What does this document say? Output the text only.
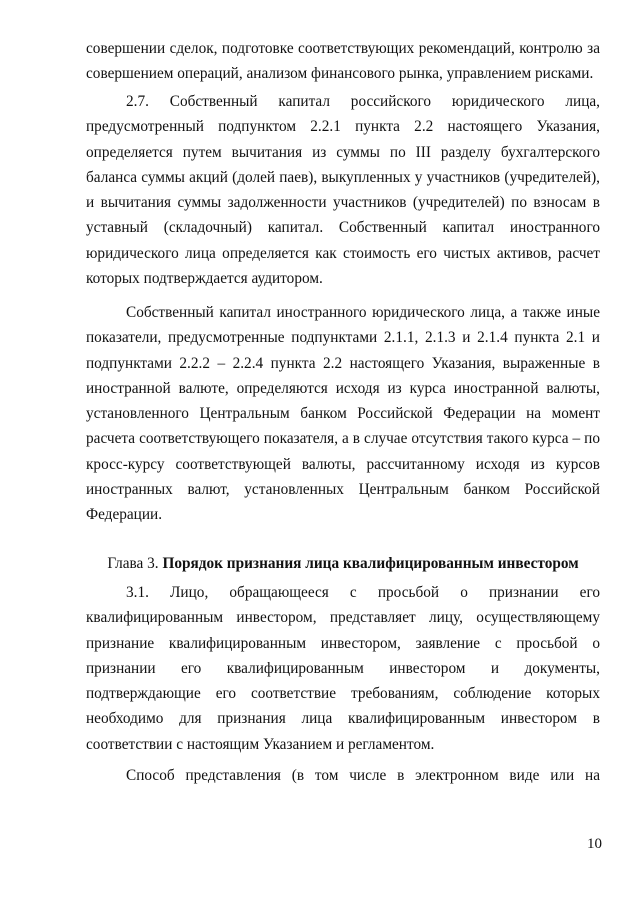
совершении сделок, подготовке соответствующих рекомендаций, контролю за
совершением операций, анализом финансового рынка, управлением рисками.
2.7. Собственный капитал российского юридического лица,
предусмотренный подпунктом 2.2.1 пункта 2.2 настоящего Указания,
определяется путем вычитания из суммы по III разделу бухгалтерского
баланса суммы акций (долей паев), выкупленных у участников (учредителей),
и вычитания суммы задолженности участников (учредителей) по взносам в
уставный (складочный) капитал. Собственный капитал иностранного
юридического лица определяется как стоимость его чистых активов, расчет
которых подтверждается аудитором.
Собственный капитал иностранного юридического лица, а также иные
показатели, предусмотренные подпунктами 2.1.1, 2.1.3 и 2.1.4 пункта 2.1 и
подпунктами 2.2.2 – 2.2.4 пункта 2.2 настоящего Указания, выраженные в
иностранной валюте, определяются исходя из курса иностранной валюты,
установленного Центральным банком Российской Федерации на момент
расчета соответствующего показателя, а в случае отсутствия такого курса – по
кросс-курсу соответствующей валюты, рассчитанному исходя из курсов
иностранных валют, установленных Центральным банком Российской
Федерации.
Глава 3. Порядок признания лица квалифицированным инвестором
3.1. Лицо, обращающееся с просьбой о признании его
квалифицированным инвестором, представляет лицу, осуществляющему
признание квалифицированным инвестором, заявление с просьбой о
признании его квалифицированным инвестором и документы,
подтверждающие его соответствие требованиям, соблюдение которых
необходимо для признания лица квалифицированным инвестором в
соответствии с настоящим Указанием и регламентом.
Способ представления (в том числе в электронном виде или на
10
